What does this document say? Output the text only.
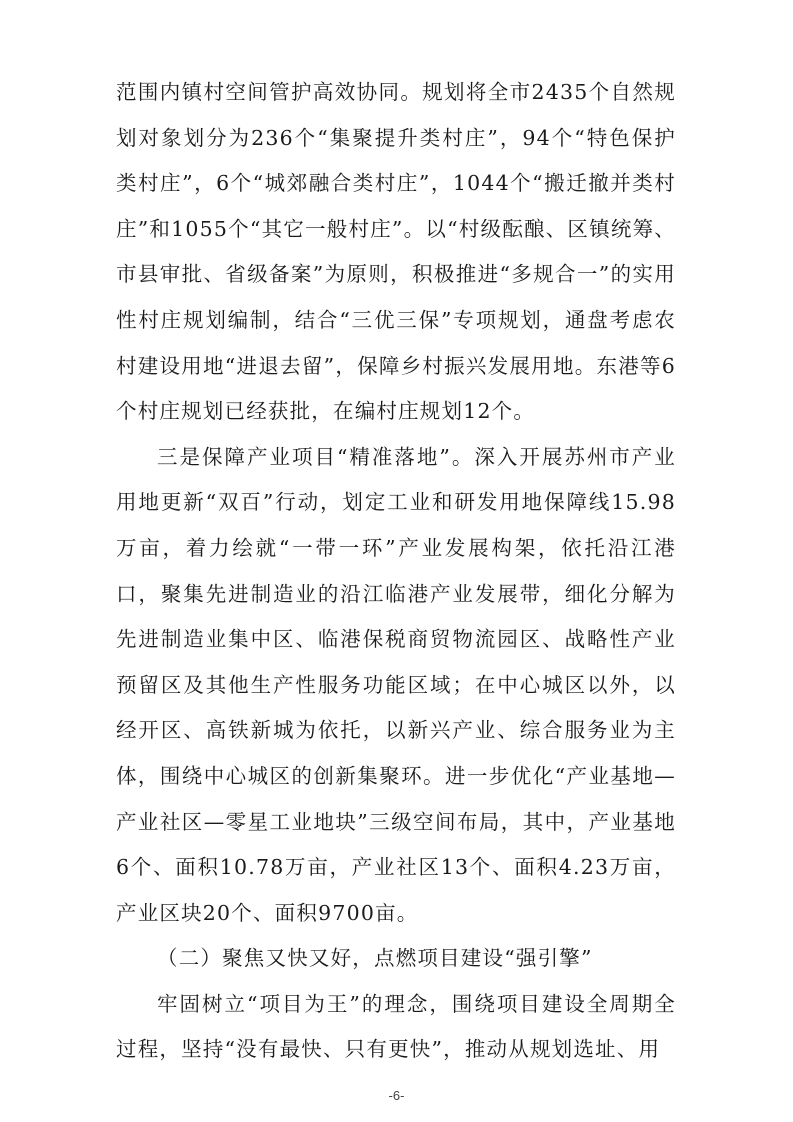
范围内镇村空间管护高效协同。规划将全市2435个自然规划对象划分为236个“集聚提升类村庄”，94个“特色保护类村庄”，6个“城郊融合类村庄”，1044个“搬迁撤并类村庄”和1055个“其它一般村庄”。以“村级酝酿、区镇统筹、市县审批、省级备案”为原则，积极推进“多规合一”的实用性村庄规划编制，结合“三优三保”专项规划，通盘考虑农村建设用地“进退去留”，保障乡村振兴发展用地。东港等6个村庄规划已经获批，在编村庄规划12个。

三是保障产业项目“精准落地”。深入开展苏州市产业用地更新“双百”行动，划定工业和研发用地保障线15.98万亩，着力绘就“一带一环”产业发展构架，依托沿江港口，聚集先进制造业的沿江临港产业发展带，细化分解为先进制造业集中区、临港保税商贸物流园区、战略性产业预留区及其他生产性服务功能区域；在中心城区以外，以经开区、高铁新城为依托，以新兴产业、综合服务业为主体，围绕中心城区的创新集聚环。进一步优化“产业基地—产业社区—零星工业地块”三级空间布局，其中，产业基地6个、面积10.78万亩，产业社区13个、面积4.23万亩，产业区块20个、面积9700亩。

（二）聚焦又快又好，点燃项目建设“强引擎”

牢固树立“项目为王”的理念，围绕项目建设全周期全过程，坚持“没有最快、只有更快”，推动从规划选址、用

-6-
